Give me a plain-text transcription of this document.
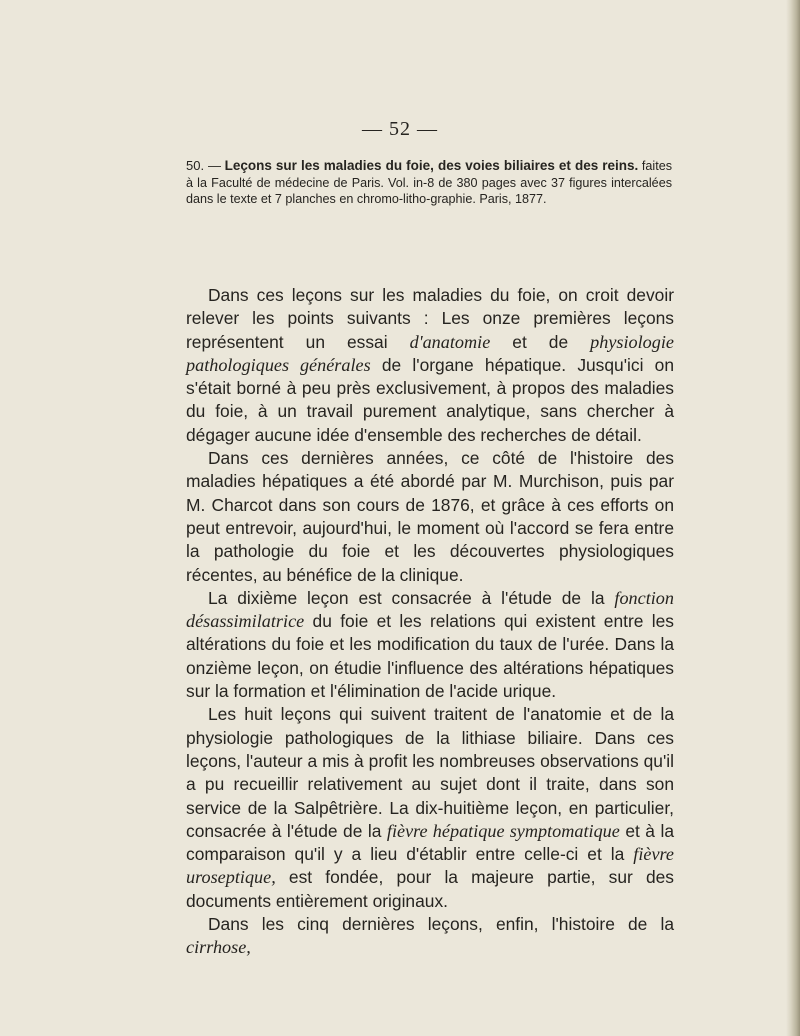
— 52 —
50. — Leçons sur les maladies du foie, des voies biliaires et des reins. faites à la Faculté de médecine de Paris. Vol. in-8 de 380 pages avec 37 figures intercalées dans le texte et 7 planches en chromo-litho-graphie. Paris, 1877.

Dans ces leçons sur les maladies du foie, on croit devoir relever les points suivants : Les onze premières leçons représentent un essai d'anatomie et de physiologie pathologiques générales de l'organe hépatique. Jusqu'ici on s'était borné à peu près exclusivement, à propos des maladies du foie, à un travail purement analytique, sans chercher à dégager aucune idée d'ensemble des recherches de détail.

Dans ces dernières années, ce côté de l'histoire des maladies hépatiques a été abordé par M. Murchison, puis par M. Charcot dans son cours de 1876, et grâce à ces efforts on peut entrevoir, aujourd'hui, le moment où l'accord se fera entre la pathologie du foie et les découvertes physiologiques récentes, au bénéfice de la clinique.

La dixième leçon est consacrée à l'étude de la fonction désassimilatrice du foie et les relations qui existent entre les altérations du foie et les modification du taux de l'urée. Dans la onzième leçon, on étudie l'influence des altérations hépatiques sur la formation et l'élimination de l'acide urique.

Les huit leçons qui suivent traitent de l'anatomie et de la physiologie pathologiques de la lithiase biliaire. Dans ces leçons, l'auteur a mis à profit les nombreuses observations qu'il a pu recueillir relativement au sujet dont il traite, dans son service de la Salpêtrière. La dix-huitième leçon, en particulier, consacrée à l'étude de la fièvre hépatique symptomatique et à la comparaison qu'il y a lieu d'établir entre celle-ci et la fièvre uroseptique, est fondée, pour la majeure partie, sur des documents entièrement originaux.

Dans les cinq dernières leçons, enfin, l'histoire de la cirrhose,
